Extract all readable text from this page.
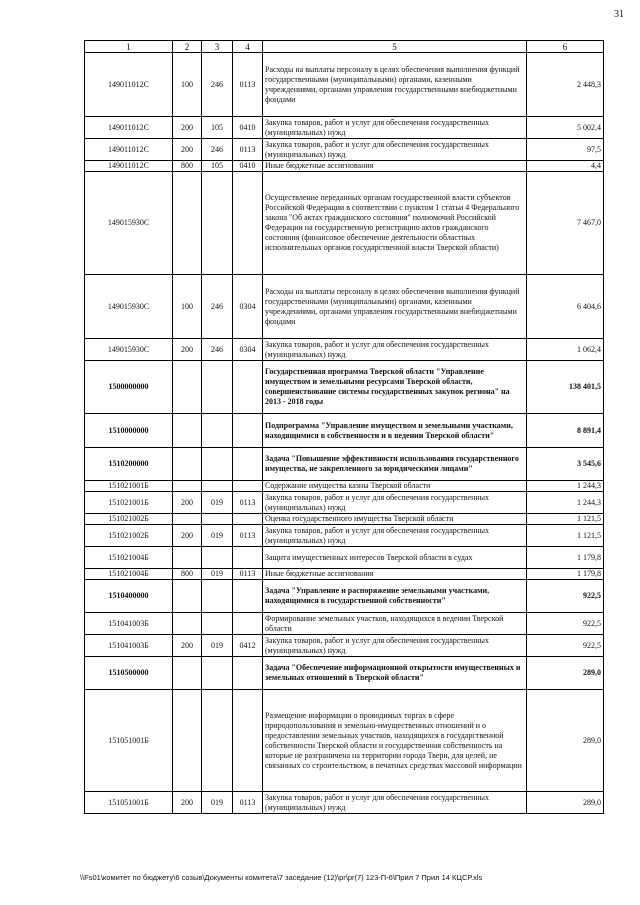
31
1	2	3	4	5	6
149011012С	100	246	0113	Расходы на выплаты персоналу в целях обеспечения выполнения функций государственными (муниципальными) органами, казенными учреждениями, органами управления государственными внебюджетными фондами	2 448,3
149011012С	200	105	0410	Закупка товаров, работ и услуг для обеспечения государственных (муниципальных) нужд	5 002,4
149011012С	200	246	0113	Закупка товаров, работ и услуг для обеспечения государственных (муниципальных) нужд	97,5
149011012С	800	105	0410	Иные бюджетные ассигнования	4,4
149015930С				Осуществление переданных органам государственной власти субъектов Российской Федерации в соответствии с пунктом 1 статьи 4 Федерального закона "Об актах гражданского состояния" полномочий Российской Федерации на государственную регистрацию актов гражданского состояния (финансовое обеспечение деятельности областных исполнительных органов государственной власти Тверской области)	7 467,0
149015930С	100	246	0304	Расходы на выплаты персоналу в целях обеспечения выполнения функций государственными (муниципальными) органами, казенными учреждениями, органами управления государственными внебюджетными фондами	6 404,6
149015930С	200	246	0304	Закупка товаров, работ и услуг для обеспечения государственных (муниципальных) нужд	1 062,4
1500000000				Государственная программа Тверской области "Управление имуществом и земельными ресурсами Тверской области, совершенствование системы государственных закупок региона" на 2013 - 2018 годы	138 401,5
1510000000				Подпрограмма "Управление имуществом и земельными участками, находящимися в собственности и в ведении Тверской области"	8 891,4
1510200000				Задача "Повышение эффективности использования государственного имущества, не закрепленного за юридическими лицами"	3 545,6
151021001Б				Содержание имущества казны Тверской области	1 244,3
151021001Б	200	019	0113	Закупка товаров, работ и услуг для обеспечения государственных (муниципальных) нужд	1 244,3
151021002Б				Оценка государственного имущества Тверской области	1 121,5
151021002Б	200	019	0113	Закупка товаров, работ и услуг для обеспечения государственных (муниципальных) нужд	1 121,5
151021004Б				Защита имущественных интересов Тверской области в судах	1 179,8
151021004Б	800	019	0113	Иные бюджетные ассигнования	1 179,8
1510400000				Задача "Управление и распоряжение земельными участками, находящимися в государственной собственности"	922,5
151041003Б				Формирование земельных участков, находящихся в ведении Тверской области	922,5
151041003Б	200	019	0412	Закупка товаров, работ и услуг для обеспечения государственных (муниципальных) нужд	922,5
1510500000				Задача "Обеспечение информационной открытости имущественных и земельных отношений в Тверской области"	289,0
151051001Б				Размещение информации о проводимых торгах в сфере природопользования и земельно-имущественных отношений и о предоставлении земельных участков, находящихся в государственной собственности Тверской области и государственная собственность на которые не разграничена на территории города Твери, для целей, не связанных со строительством, в печатных средствах массовой информации	289,0
151051001Б	200	019	0113	Закупка товаров, работ и услуг для обеспечения государственных (муниципальных) нужд	289,0
\\Fs01\комитет по бюджету\6 созыв\Документы комитета\7 заседание (12)\pr\pr(7) 123-П-6\Прил 7 Прил 14 КЦСР.xls
